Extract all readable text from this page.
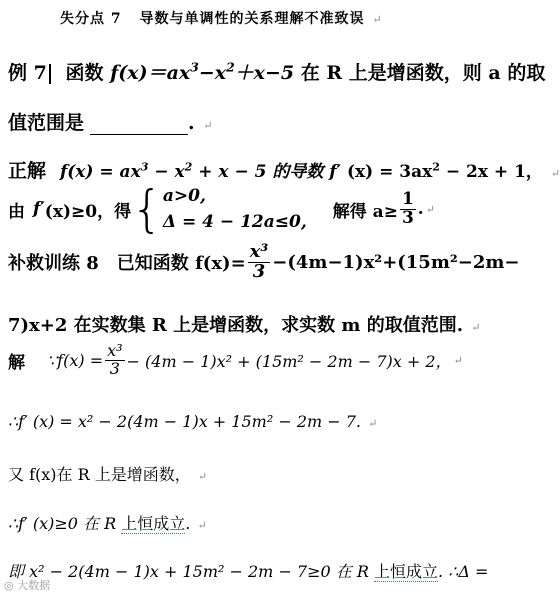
失分点 7 导数与单调性的关系理解不准致误 ↵
例 7 函数 $f(x)=ax^3-x^2+x-5$ 在 R 上是增函数，则 a 的取
值范围是	. ↵
正解 $f(x) = ax^3 - x^2 + x - 5$ 的导数 f′ $(x) = 3ax^2 - 2x + 1$， ↵
由 f′ (x)≥0，得 { a>0,
Δ = 4 − 12a≤0,
解得 $a\ge \frac{1}{3}$ . ↵
补救训练 8 已知函数 $f(x)= \frac{\text{x³}}{3} -(4m-1)x^2+(15m^2-2m-$
7)x+2 在实数集 R 上是增函数，求实数 m 的取值范围. ↵
解 ∵f(x) = $\frac{\text{x³}}{3} - (4m - 1)x^2 + (15m^2 - 2m - 7)x + 2$， ↵
∴f′ (x) = x² − 2(4m − 1)x + 15m² − 2m − 7. ↵
又 f(x)在 R 上是增函数， ↵
∴f′ (x)≥0 在 R 上恒成立. ↵
即 x² − 2(4m − 1)x + 15m² − 2m − 7≥0 在 R 上恒成立. ∴Δ =
◎ 大数据
